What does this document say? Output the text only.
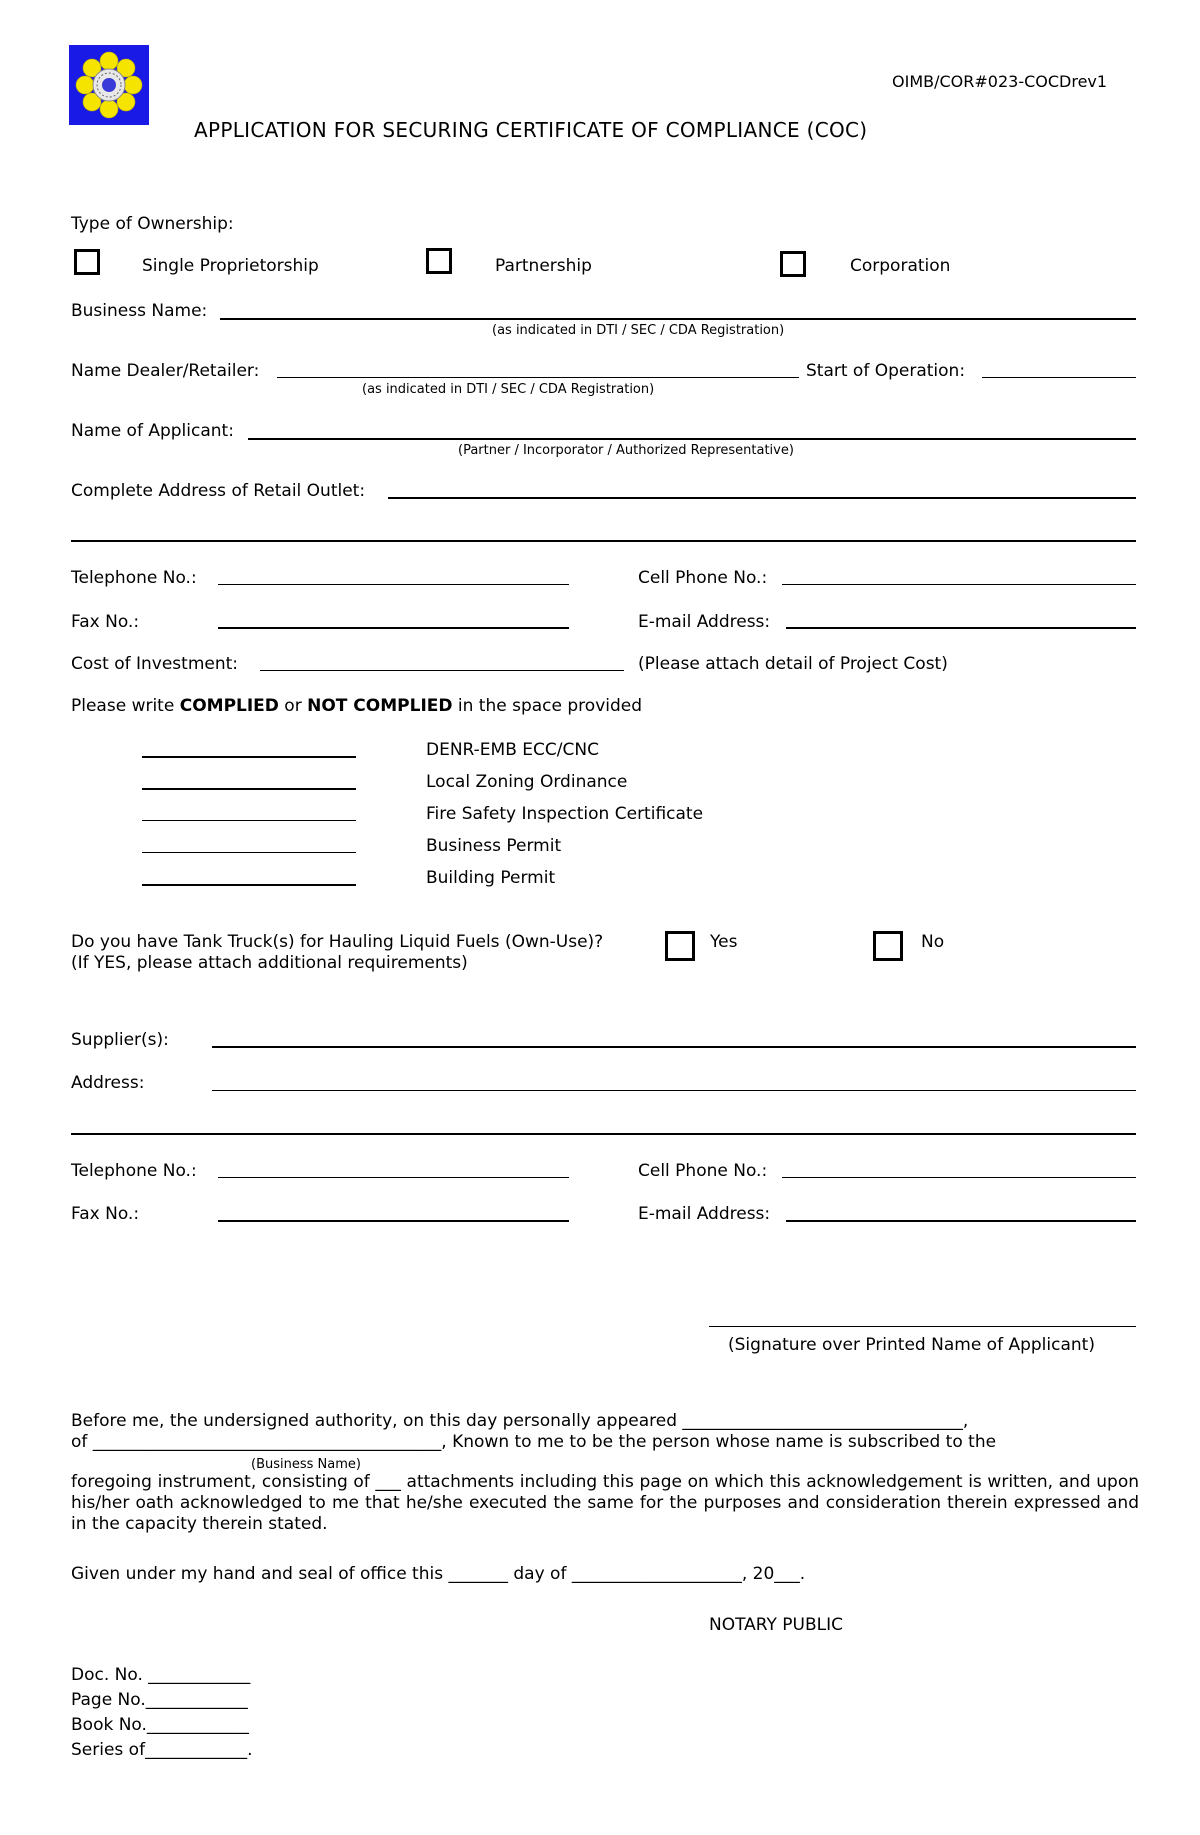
OIMB/COR#023-COCDrev1
APPLICATION FOR SECURING CERTIFICATE OF COMPLIANCE (COC)
Type of Ownership:
Single Proprietorship	Partnership	Corporation
Business Name:
(as indicated in DTI / SEC / CDA Registration)
Name Dealer/Retailer:
(as indicated in DTI / SEC / CDA Registration)
Start of Operation:
Name of Applicant:
(Partner / Incorporator / Authorized Representative)
Complete Address of Retail Outlet:
Telephone No.:	Cell Phone No.:
Fax No.:	E-mail Address:
Cost of Investment:	(Please attach detail of Project Cost)
Please write COMPLIED or NOT COMPLIED in the space provided
DENR-EMB ECC/CNC
Local Zoning Ordinance
Fire Safety Inspection Certificate
Business Permit
Building Permit
Do you have Tank Truck(s) for Hauling Liquid Fuels (Own-Use)?
(If YES, please attach additional requirements)
Yes	No
Supplier(s):
Address:
Telephone No.:	Cell Phone No.:
Fax No.:	E-mail Address:
(Signature over Printed Name of Applicant)
Before me, the undersigned authority, on this day personally appeared _________________________________,
of _________________________________________, Known to me to be the person whose name is subscribed to the
(Business Name)
foregoing instrument, consisting of ___ attachments including this page on which this acknowledgement is written, and upon his/her oath acknowledged to me that he/she executed the same for the purposes and consideration therein expressed and in the capacity therein stated.
Given under my hand and seal of office this _______ day of ____________________, 20___.
NOTARY PUBLIC
Doc. No. ____________
Page No.____________
Book No.____________
Series of____________.
